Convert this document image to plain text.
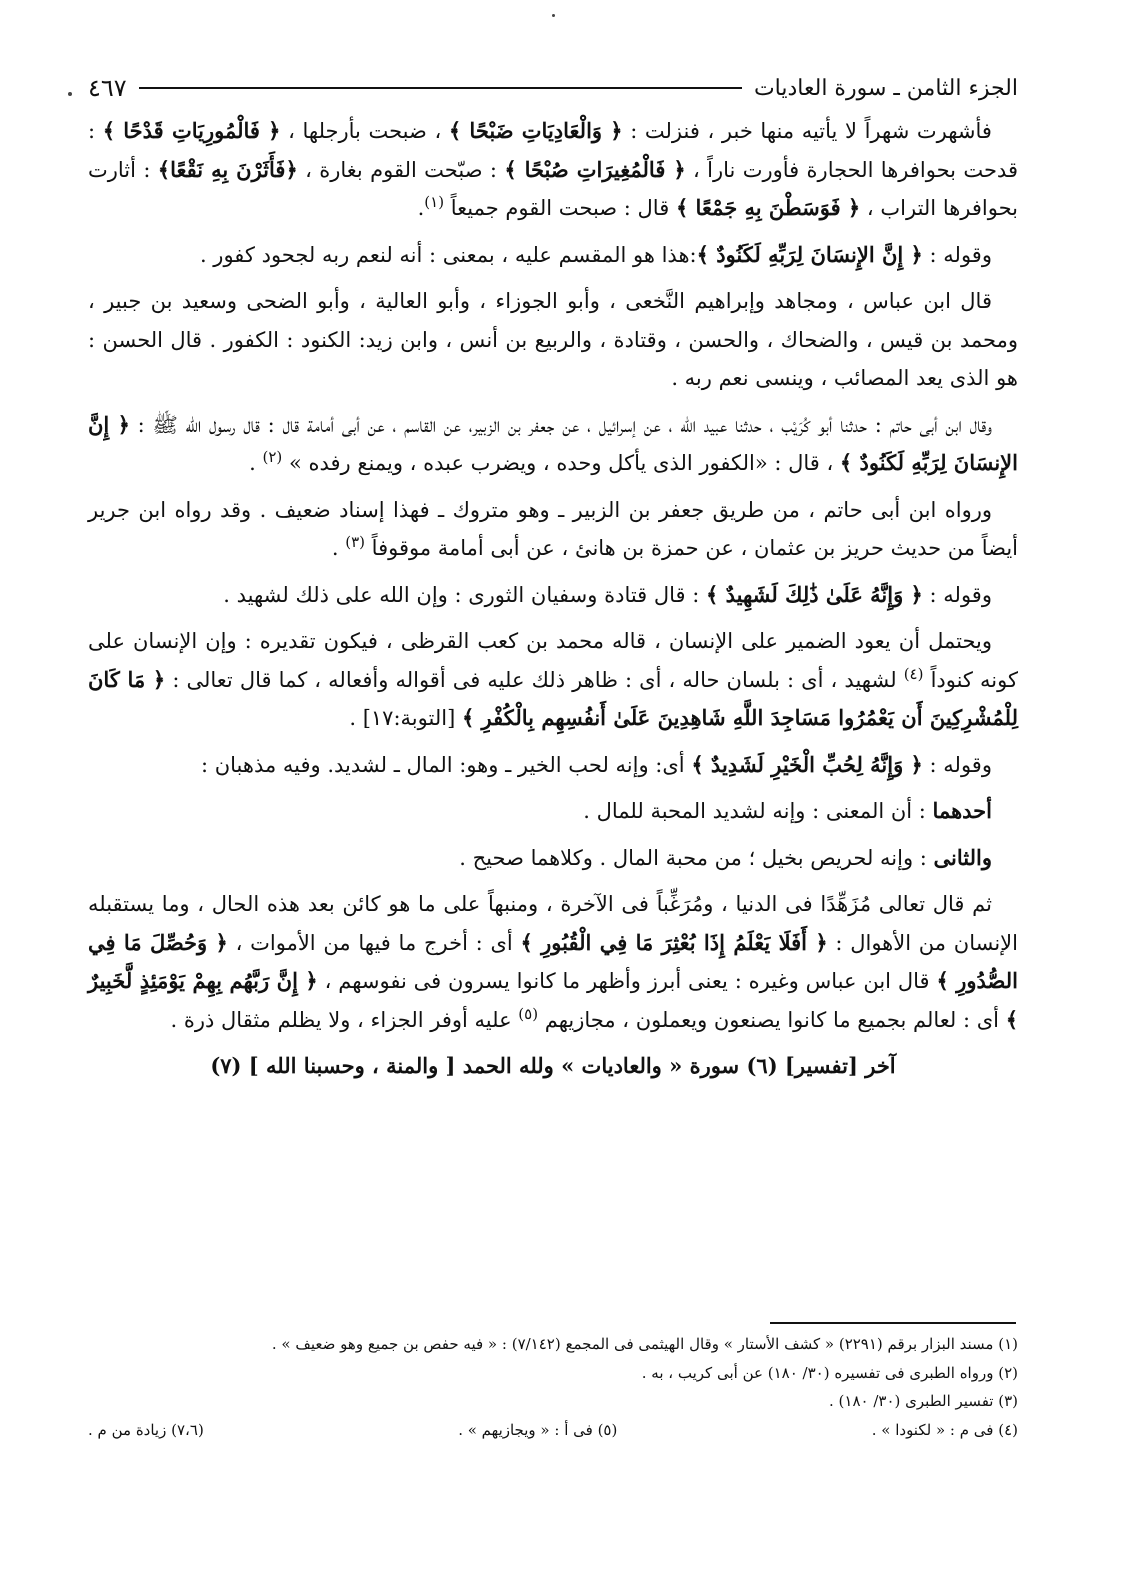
الجزء الثامن ـ سورة العاديات
٤٦٧

فأشهرت شهراً لا يأتيه منها خبر ، فنزلت : ﴿ وَالْعَادِيَاتِ ضَبْحًا ﴾ ، ضبحت بأرجلها ، ﴿ فَالْمُورِيَاتِ قَدْحًا ﴾ : قدحت بحوافرها الحجارة فأورت ناراً ، ﴿ فَالْمُغِيرَاتِ صُبْحًا ﴾ : صبّحت القوم بغارة ، ﴿فَأَثَرْنَ بِهِ نَقْعًا﴾ : أثارت بحوافرها التراب ، ﴿ فَوَسَطْنَ بِهِ جَمْعًا ﴾ قال : صبحت القوم جميعاً $^{(١)}$.

وقوله : ﴿ إِنَّ الإِنسَانَ لِرَبِّهِ لَكَنُودٌ ﴾:هذا هو المقسم عليه ، بمعنى : أنه لنعم ربه لجحود كفور .

قال ابن عباس ، ومجاهد وإبراهيم النَّخعى ، وأبو الجوزاء ، وأبو العالية ، وأبو الضحى وسعيد بن جبير ، ومحمد بن قيس ، والضحاك ، والحسن ، وقتادة ، والربيع بن أنس ، وابن زيد: الكنود : الكفور . قال الحسن : هو الذى يعد المصائب ، وينسى نعم ربه .

وقال ابن أبى حاتم : حدثنا أبو كُرَيْب ، حدثنا عبيد الله ، عن إسرائيل ، عن جعفر بن الزبير، عن القاسم ، عن أبى أمامة قال : قال رسول الله ﷺ : ﴿ إِنَّ الإِنسَانَ لِرَبِّهِ لَكَنُودٌ ﴾ ، قال : «الكفور الذى يأكل وحده ، ويضرب عبده ، ويمنع رفده » $^{(٢)}$ .

ورواه ابن أبى حاتم ، من طريق جعفر بن الزبير ـ وهو متروك ـ فهذا إسناد ضعيف . وقد رواه ابن جرير أيضاً من حديث حريز بن عثمان ، عن حمزة بن هانئ ، عن أبى أمامة موقوفاً $^{(٣)}$ .

وقوله : ﴿ وَإِنَّهُ عَلَىٰ ذَٰلِكَ لَشَهِيدٌ ﴾ : قال قتادة وسفيان الثورى : وإن الله على ذلك لشهيد .

ويحتمل أن يعود الضمير على الإنسان ، قاله محمد بن كعب القرظى ، فيكون تقديره : وإن الإنسان على كونه كنوداً $^{(٤)}$ لشهيد ، أى : بلسان حاله ، أى : ظاهر ذلك عليه فى أقواله وأفعاله ، كما قال تعالى : ﴿ مَا كَانَ لِلْمُشْرِكِينَ أَن يَعْمُرُوا مَسَاجِدَ اللَّهِ شَاهِدِينَ عَلَىٰ أَنفُسِهِم بِالْكُفْرِ ﴾ [التوبة:١٧] .

وقوله : ﴿ وَإِنَّهُ لِحُبِّ الْخَيْرِ لَشَدِيدٌ ﴾ أى: وإنه لحب الخير ـ وهو: المال ـ لشديد. وفيه مذهبان :

أحدهما : أن المعنى : وإنه لشديد المحبة للمال .

والثانى : وإنه لحريص بخيل ؛ من محبة المال . وكلاهما صحيح .

ثم قال تعالى مُزَهِّدًا فى الدنيا ، ومُرَغِّباً فى الآخرة ، ومنبهاً على ما هو كائن بعد هذه الحال ، وما يستقبله الإنسان من الأهوال : ﴿ أَفَلَا يَعْلَمُ إِذَا بُعْثِرَ مَا فِي الْقُبُورِ ﴾ أى : أخرج ما فيها من الأموات ، ﴿ وَحُصِّلَ مَا فِي الصُّدُورِ ﴾ قال ابن عباس وغيره : يعنى أبرز وأظهر ما كانوا يسرون فى نفوسهم ، ﴿ إِنَّ رَبَّهُم بِهِمْ يَوْمَئِذٍ لَّخَبِيرٌ ﴾ أى : لعالم بجميع ما كانوا يصنعون ويعملون ، مجازيهم $^{(٥)}$ عليه أوفر الجزاء ، ولا يظلم مثقال ذرة .

آخر [تفسير] (٦) سورة « والعاديات » ولله الحمد [ والمنة ، وحسبنا الله ] (٧)

(١) مسند البزار برقم (٢٢٩١) « كشف الأستار » وقال الهيثمى فى المجمع (٧/١٤٢) : « فيه حفص بن جميع وهو ضعيف » .

(٢) ورواه الطبرى فى تفسيره (٣٠/ ١٨٠) عن أبى كريب ، به .

(٣) تفسير الطبرى (٣٠/ ١٨٠) .

(٤) فى م : « لكنودا » .
(٥) فى أ : « ويجازيهم » .
(٧،٦) زيادة من م .
